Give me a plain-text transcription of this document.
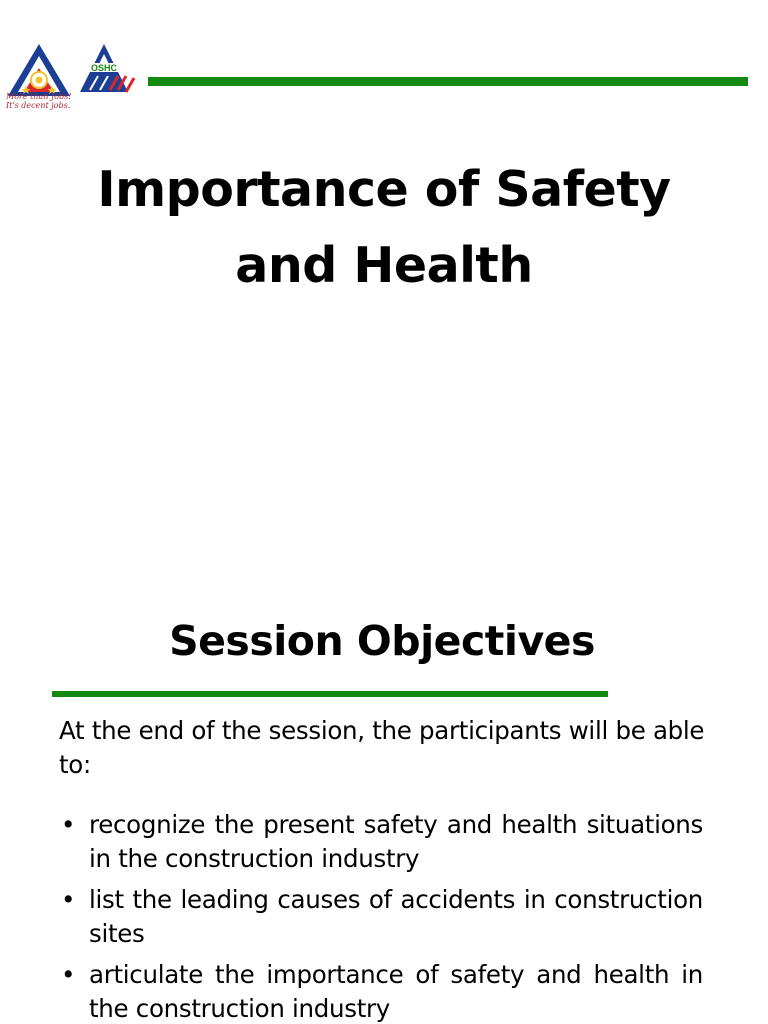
OSHC
More than Jobs!
It's decent jobs.
Importance of Safety
and Health
Session Objectives

At the end of the session, the participants will be able to:

• recognize the present safety and health situations in the construction industry
• list the leading causes of accidents in construction sites
• articulate the importance of safety and health in the construction industry
